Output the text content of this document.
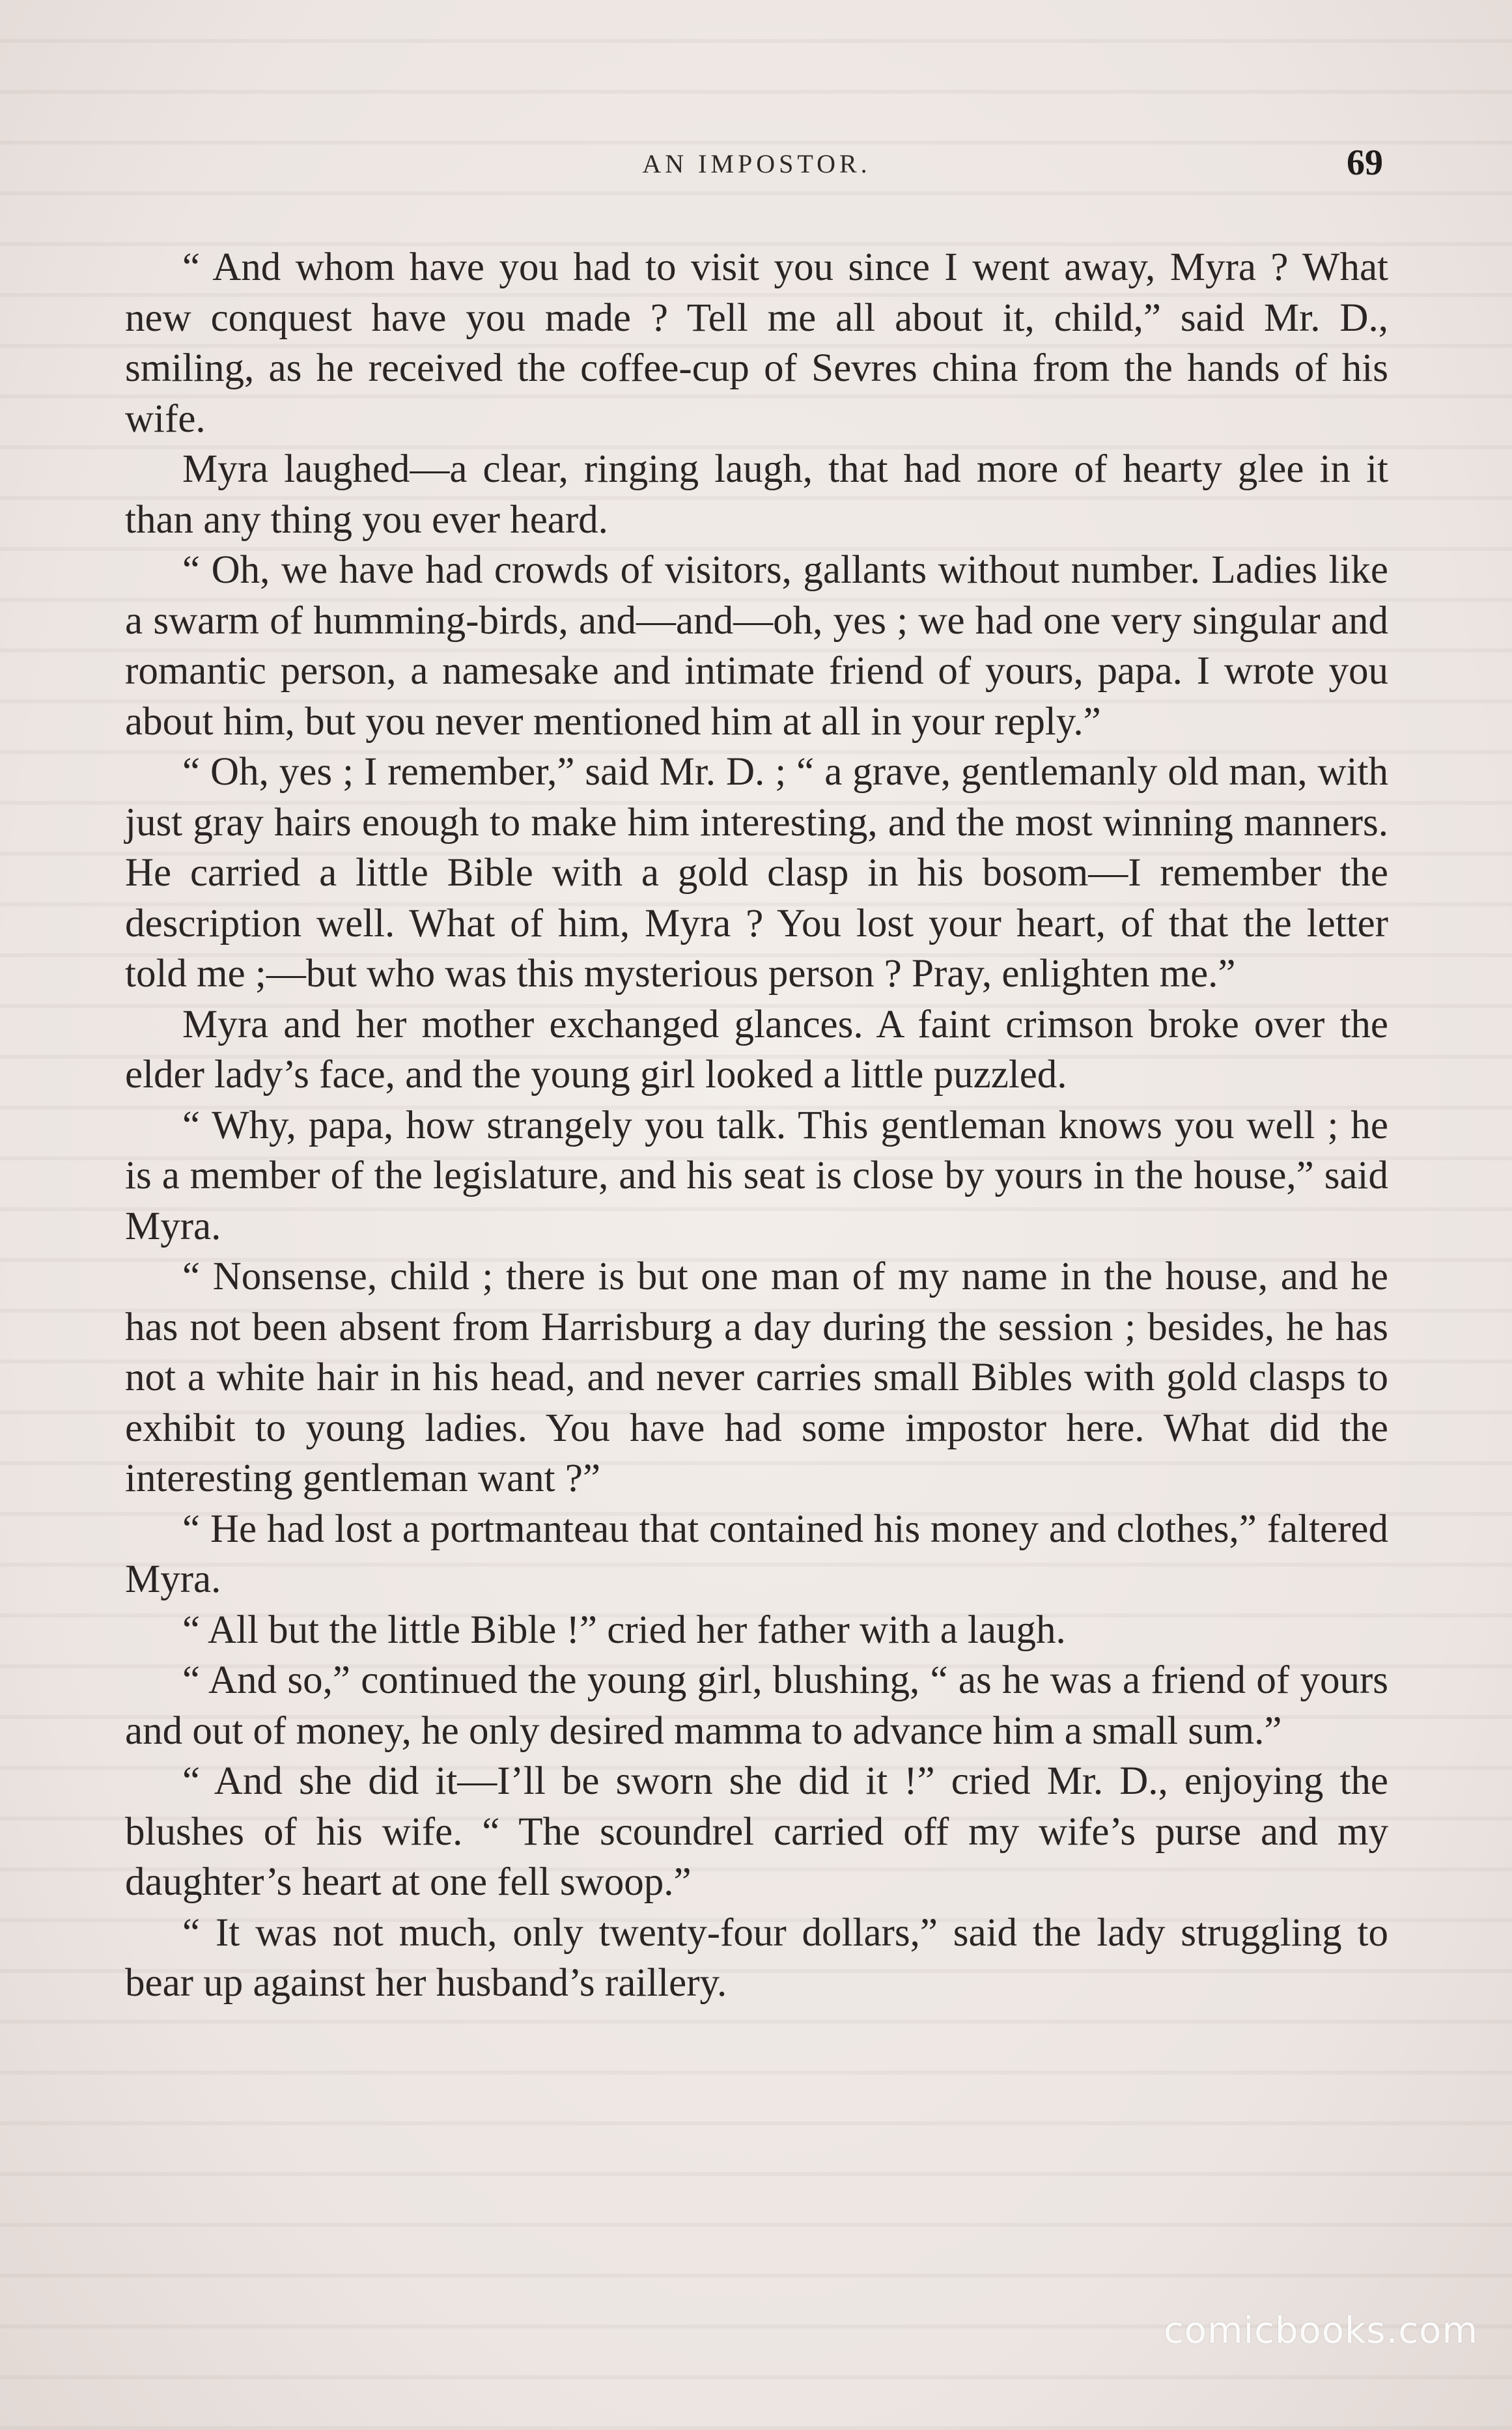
AN IMPOSTOR.	69

“ And whom have you had to visit you since I went away, Myra ? What new conquest have you made ? Tell me all about it, child,” said Mr. D., smiling, as he received the coffee-cup of Sevres china from the hands of his wife.

Myra laughed—a clear, ringing laugh, that had more of hearty glee in it than any thing you ever heard.

“ Oh, we have had crowds of visitors, gallants without number. Ladies like a swarm of humming-birds, and—and—oh, yes ; we had one very singular and romantic person, a namesake and intimate friend of yours, papa. I wrote you about him, but you never mentioned him at all in your reply.”

“ Oh, yes ; I remember,” said Mr. D. ; “ a grave, gentlemanly old man, with just gray hairs enough to make him interesting, and the most winning manners. He carried a little Bible with a gold clasp in his bosom—I remember the description well. What of him, Myra ? You lost your heart, of that the letter told me ;—but who was this mysterious person ? Pray, enlighten me.”

Myra and her mother exchanged glances. A faint crimson broke over the elder lady’s face, and the young girl looked a little puzzled.

“ Why, papa, how strangely you talk. This gentleman knows you well ; he is a member of the legislature, and his seat is close by yours in the house,” said Myra.

“ Nonsense, child ; there is but one man of my name in the house, and he has not been absent from Harrisburg a day during the session ; besides, he has not a white hair in his head, and never carries small Bibles with gold clasps to exhibit to young ladies. You have had some impostor here. What did the interesting gentleman want ?”

“ He had lost a portmanteau that contained his money and clothes,” faltered Myra.

“ All but the little Bible !” cried her father with a laugh.

“ And so,” continued the young girl, blushing, “ as he was a friend of yours and out of money, he only desired mamma to advance him a small sum.”

“ And she did it—I’ll be sworn she did it !” cried Mr. D., enjoying the blushes of his wife. “ The scoundrel carried off my wife’s purse and my daughter’s heart at one fell swoop.”

“ It was not much, only twenty-four dollars,” said the lady struggling to bear up against her husband’s raillery.

comicbooks.com
